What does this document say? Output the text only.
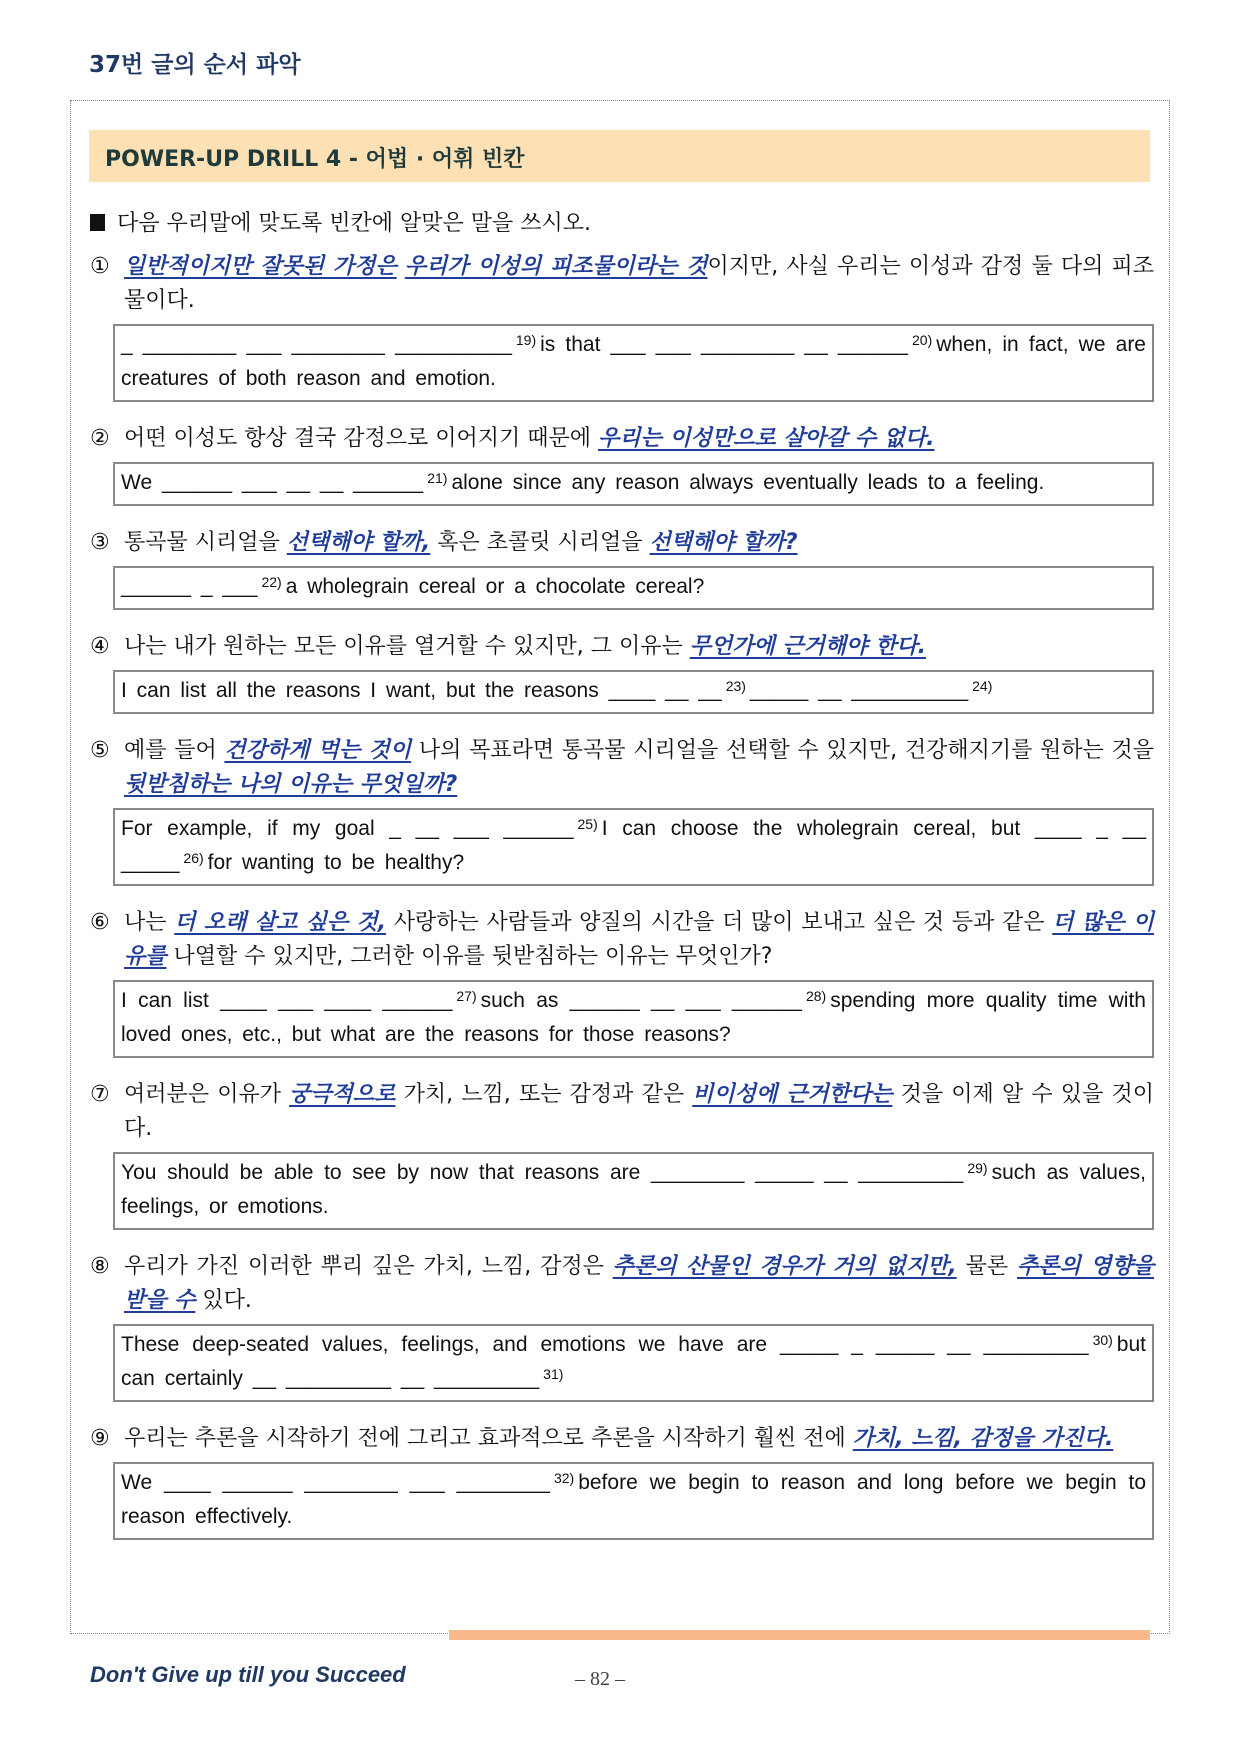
37번 글의 순서 파악
POWER-UP DRILL 4 - 어법 · 어휘 빈칸
다음 우리말에 맞도록 빈칸에 알맞은 말을 쓰시오.
① 일반적이지만 잘못된 가정은 우리가 이성의 피조물이라는 것이지만, 사실 우리는 이성과 감정 둘 다의 피조물이다.
_ ________ ___ ________ __________ $^{19)}$ is that ___ ___ ________ __ ______ $^{20)}$ when, in fact, we are creatures of both reason and emotion.
② 어떤 이성도 항상 결국 감정으로 이어지기 때문에 우리는 이성만으로 살아갈 수 없다.
We ______ ___ __ __ ______ $^{21)}$ alone since any reason always eventually leads to a feeling.
③ 통곡물 시리얼을 선택해야 할까, 혹은 초콜릿 시리얼을 선택해야 할까?
______ _ ___ $^{22)}$ a wholegrain cereal or a chocolate cereal?
④ 나는 내가 원하는 모든 이유를 열거할 수 있지만, 그 이유는 무언가에 근거해야 한다.
I can list all the reasons I want, but the reasons ____ __ __ $^{23)}$ _____ __ __________ $^{24)}$
⑤ 예를 들어 건강하게 먹는 것이 나의 목표라면 통곡물 시리얼을 선택할 수 있지만, 건강해지기를 원하는 것을 뒷받침하는 나의 이유는 무엇일까?
For example, if my goal _ __ ___ ______ $^{25)}$ I can choose the wholegrain cereal, but ____ _ __ _____ $^{26)}$ for wanting to be healthy?
⑥ 나는 더 오래 살고 싶은 것, 사랑하는 사람들과 양질의 시간을 더 많이 보내고 싶은 것 등과 같은 더 많은 이유를 나열할 수 있지만, 그러한 이유를 뒷받침하는 이유는 무엇인가?
I can list ____ ___ ____ ______ $^{27)}$ such as ______ __ ___ ______ $^{28)}$ spending more quality time with loved ones, etc., but what are the reasons for those reasons?
⑦ 여러분은 이유가 궁극적으로 가치, 느낌, 또는 감정과 같은 비이성에 근거한다는 것을 이제 알 수 있을 것이다.
You should be able to see by now that reasons are ________ _____ __ _________ $^{29)}$ such as values, feelings, or emotions.
⑧ 우리가 가진 이러한 뿌리 깊은 가치, 느낌, 감정은 추론의 산물인 경우가 거의 없지만, 물론 추론의 영향을 받을 수 있다.
These deep-seated values, feelings, and emotions we have are _____ _ _____ __ _________ $^{30)}$ but can certainly __ _________ __ _________ $^{31)}$
⑨ 우리는 추론을 시작하기 전에 그리고 효과적으로 추론을 시작하기 훨씬 전에 가치, 느낌, 감정을 가진다.
We ____ ______ ________ ___ ________ $^{32)}$ before we begin to reason and long before we begin to reason effectively.
Don't Give up till you Succeed	– 82 –
